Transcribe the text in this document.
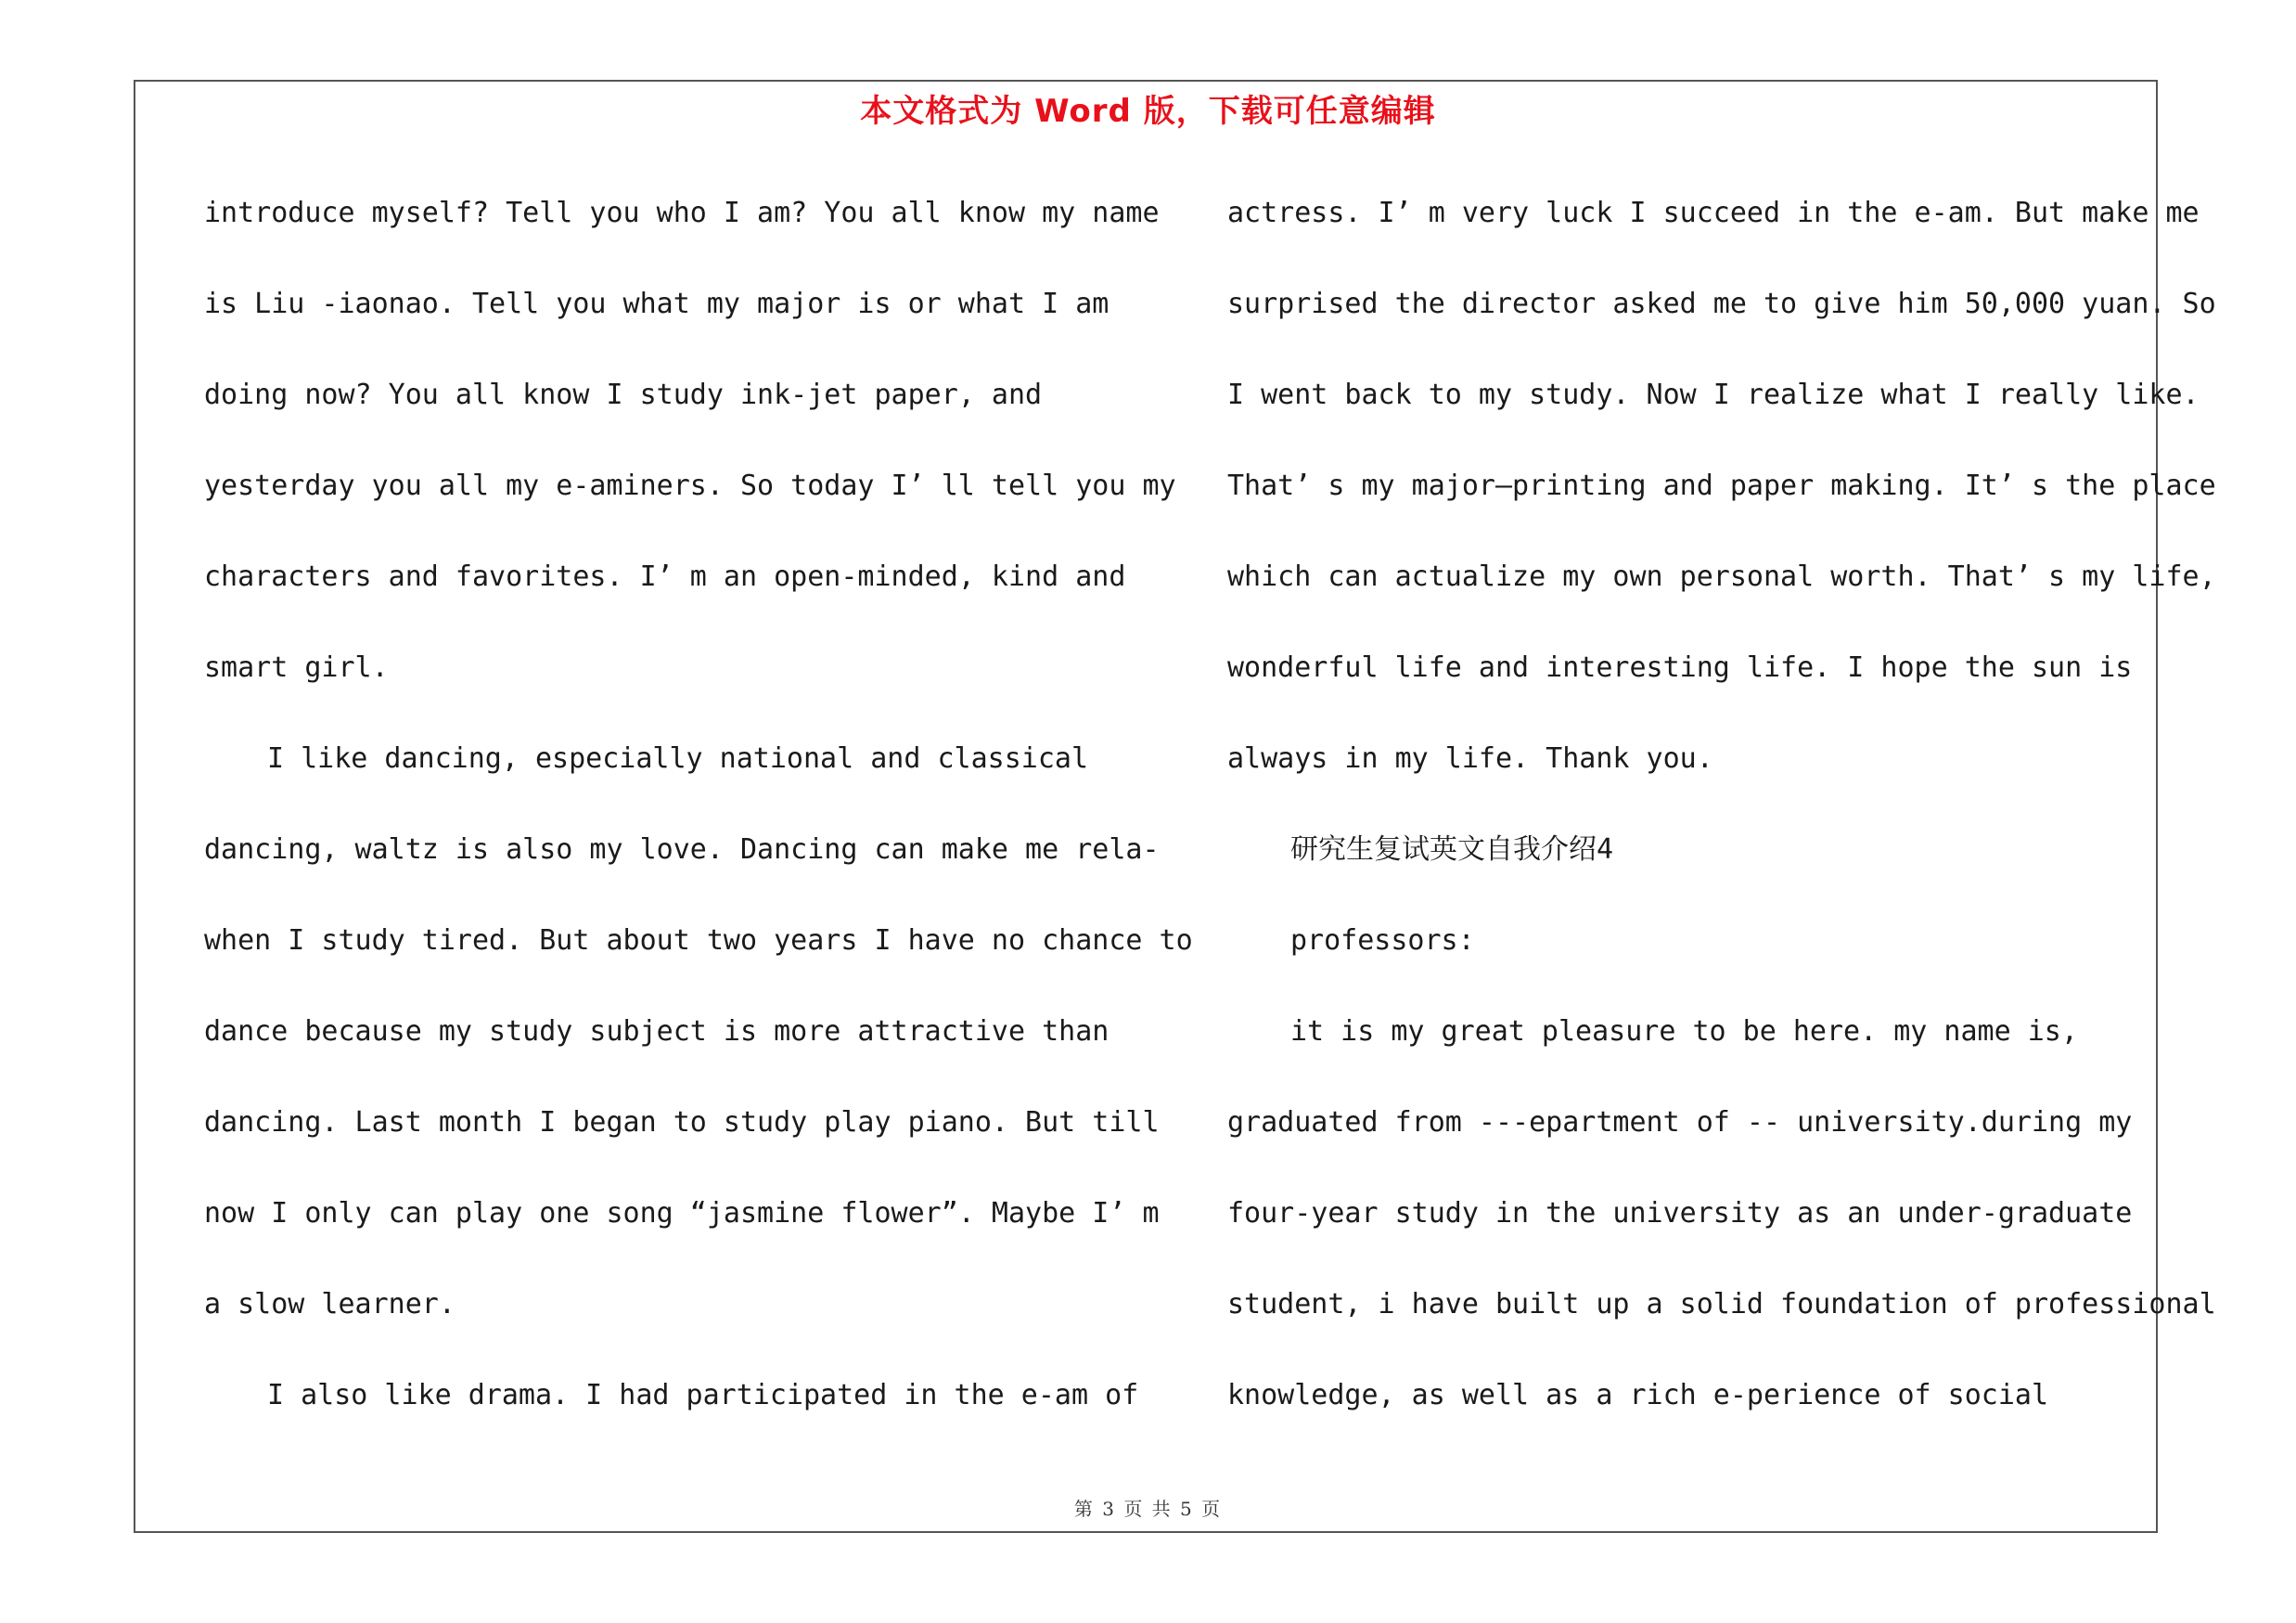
本文格式为 Word 版，下载可任意编辑
introduce myself? Tell you who I am? You all know my name
is Liu -iaonao. Tell you what my major is or what I am
doing now? You all know I study ink-jet paper, and
yesterday you all my e-aminers. So today I’ ll tell you my
characters and favorites. I’ m an open-minded, kind and
smart girl.
I like dancing, especially national and classical
dancing, waltz is also my love. Dancing can make me rela-
when I study tired. But about two years I have no chance to
dance because my study subject is more attractive than
dancing. Last month I began to study play piano. But till
now I only can play one song “jasmine flower”. Maybe I’ m
a slow learner.
I also like drama. I had participated in the e-am of
actress. I’ m very luck I succeed in the e-am. But make me
surprised the director asked me to give him 50,000 yuan. So
I went back to my study. Now I realize what I really like.
That’ s my major—printing and paper making. It’ s the place
which can actualize my own personal worth. That’ s my life,
wonderful life and interesting life. I hope the sun is
always in my life. Thank you.
研究生复试英文自我介绍4
professors:
it is my great pleasure to be here. my name is,
graduated from ---epartment of -- university.during my
four-year study in the university as an under-graduate
student, i have built up a solid foundation of professional
knowledge, as well as a rich e-perience of social
第 3 页 共 5 页
